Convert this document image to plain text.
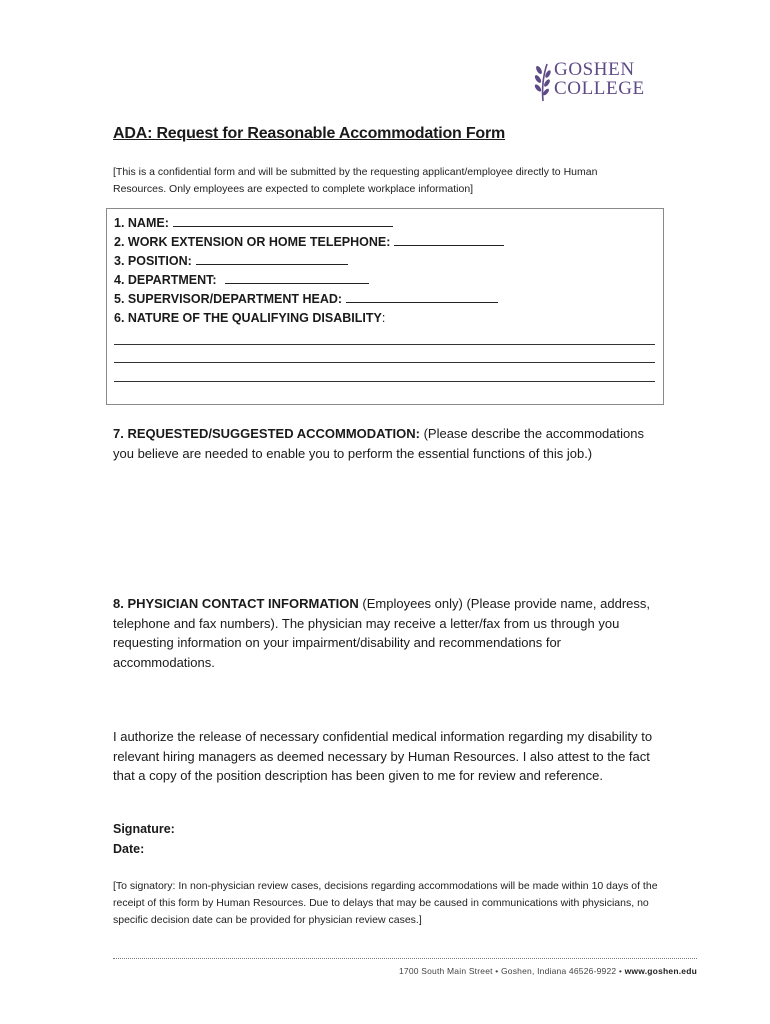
GOSHEN
COLLEGE
ADA: Request for Reasonable Accommodation Form
[This is a confidential form and will be submitted by the requesting applicant/employee directly to Human Resources. Only employees are expected to complete workplace information]
1. NAME:
2. WORK EXTENSION OR HOME TELEPHONE:
3. POSITION:
4. DEPARTMENT:
5. SUPERVISOR/DEPARTMENT HEAD:
6. NATURE OF THE QUALIFYING DISABILITY:
7. REQUESTED/SUGGESTED ACCOMMODATION: (Please describe the accommodations you believe are needed to enable you to perform the essential functions of this job.)
8. PHYSICIAN CONTACT INFORMATION (Employees only) (Please provide name, address, telephone and fax numbers). The physician may receive a letter/fax from us through you requesting information on your impairment/disability and recommendations for accommodations.
I authorize the release of necessary confidential medical information regarding my disability to relevant hiring managers as deemed necessary by Human Resources. I also attest to the fact that a copy of the position description has been given to me for review and reference.
Signature:
Date:
[To signatory: In non-physician review cases, decisions regarding accommodations will be made within 10 days of the receipt of this form by Human Resources. Due to delays that may be caused in communications with physicians, no specific decision date can be provided for physician review cases.]
1700 South Main Street • Goshen, Indiana 46526-9922 • www.goshen.edu
